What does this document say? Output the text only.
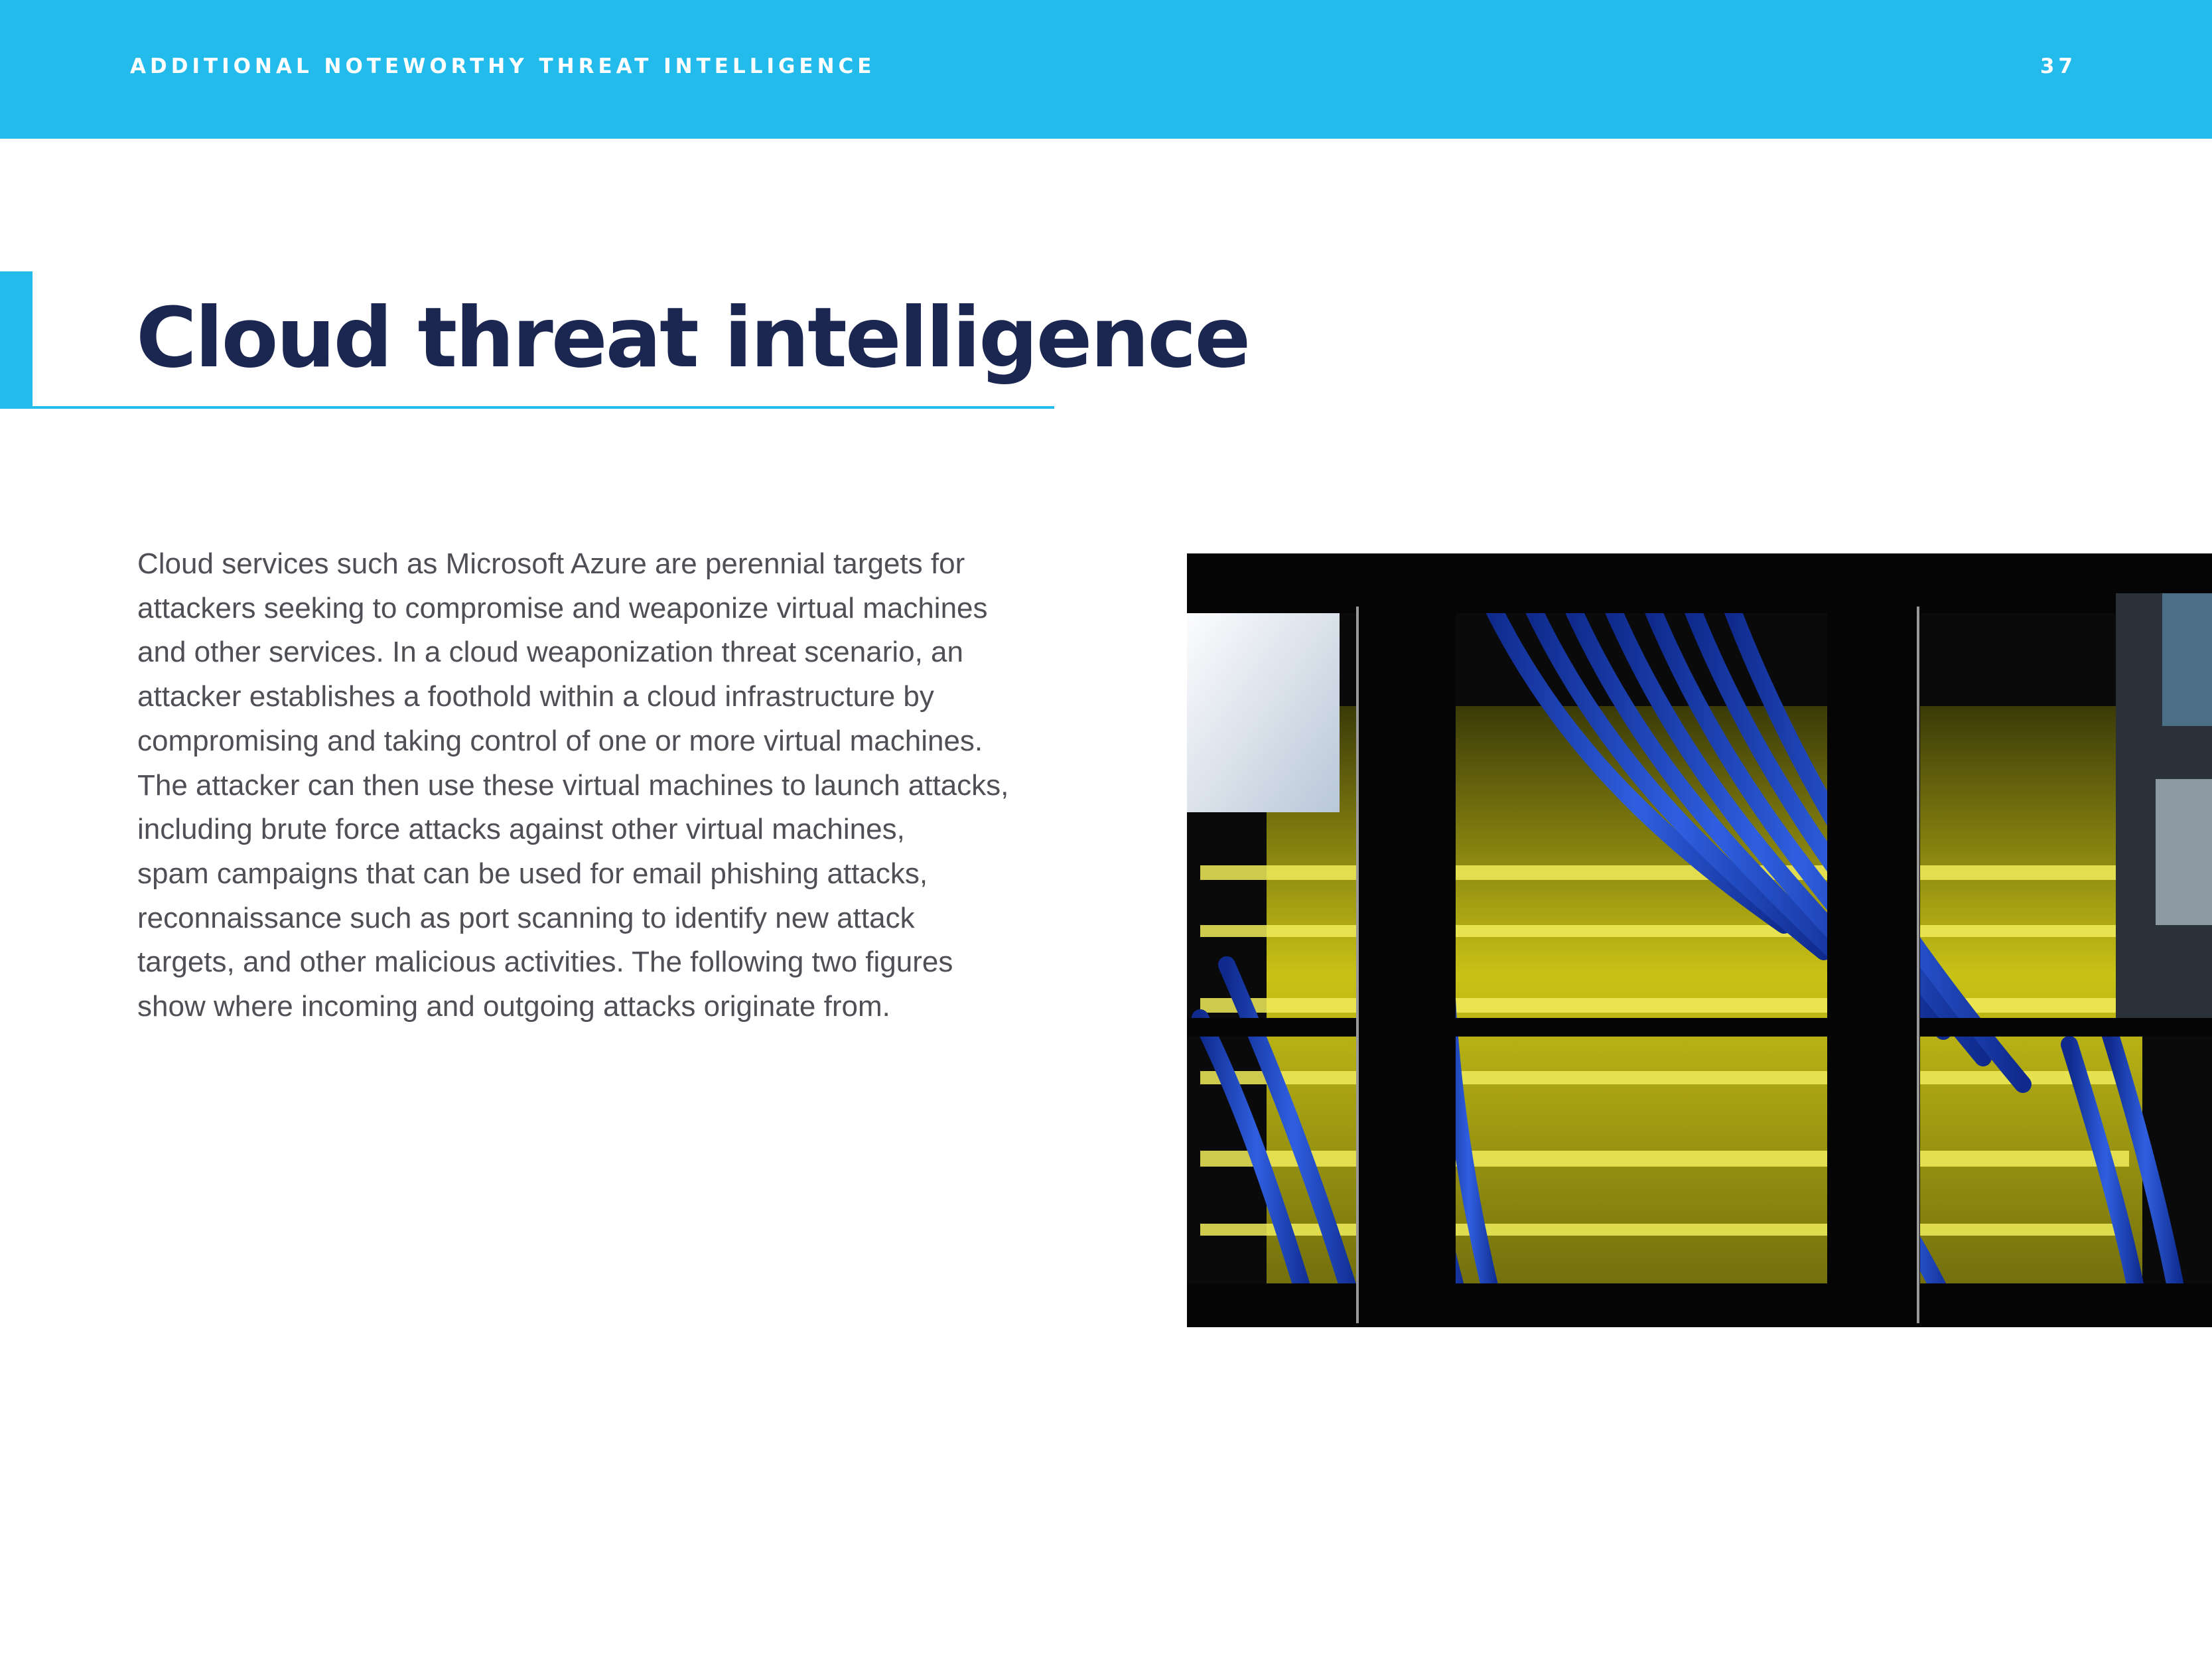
ADDITIONAL NOTEWORTHY THREAT INTELLIGENCE	37
Cloud threat intelligence

Cloud services such as Microsoft Azure are perennial targets for
attackers seeking to compromise and weaponize virtual machines
and other services. In a cloud weaponization threat scenario, an
attacker establishes a foothold within a cloud infrastructure by
compromising and taking control of one or more virtual machines.
The attacker can then use these virtual machines to launch attacks,
including brute force attacks against other virtual machines,
spam campaigns that can be used for email phishing attacks,
reconnaissance such as port scanning to identify new attack
targets, and other malicious activities. The following two figures
show where incoming and outgoing attacks originate from.
